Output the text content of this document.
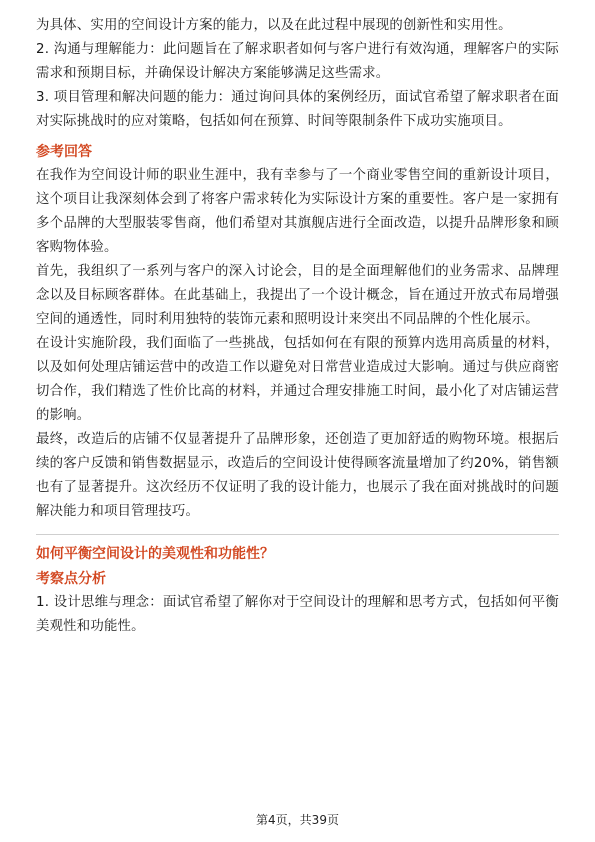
为具体、实用的空间设计方案的能力，以及在此过程中展现的创新性和实用性。

2. 沟通与理解能力：此问题旨在了解求职者如何与客户进行有效沟通，理解客户的实际需求和预期目标，并确保设计解决方案能够满足这些需求。

3. 项目管理和解决问题的能力：通过询问具体的案例经历，面试官希望了解求职者在面对实际挑战时的应对策略，包括如何在预算、时间等限制条件下成功实施项目。

参考回答

在我作为空间设计师的职业生涯中，我有幸参与了一个商业零售空间的重新设计项目，这个项目让我深刻体会到了将客户需求转化为实际设计方案的重要性。客户是一家拥有多个品牌的大型服装零售商，他们希望对其旗舰店进行全面改造，以提升品牌形象和顾客购物体验。

首先，我组织了一系列与客户的深入讨论会，目的是全面理解他们的业务需求、品牌理念以及目标顾客群体。在此基础上，我提出了一个设计概念，旨在通过开放式布局增强空间的通透性，同时利用独特的装饰元素和照明设计来突出不同品牌的个性化展示。

在设计实施阶段，我们面临了一些挑战，包括如何在有限的预算内选用高质量的材料，以及如何处理店铺运营中的改造工作以避免对日常营业造成过大影响。通过与供应商密切合作，我们精选了性价比高的材料，并通过合理安排施工时间，最小化了对店铺运营的影响。

最终，改造后的店铺不仅显著提升了品牌形象，还创造了更加舒适的购物环境。根据后续的客户反馈和销售数据显示，改造后的空间设计使得顾客流量增加了约20%，销售额也有了显著提升。这次经历不仅证明了我的设计能力，也展示了我在面对挑战时的问题解决能力和项目管理技巧。

如何平衡空间设计的美观性和功能性？

考察点分析

1. 设计思维与理念：面试官希望了解你对于空间设计的理解和思考方式，包括如何平衡美观性和功能性。

第4页，共39页
